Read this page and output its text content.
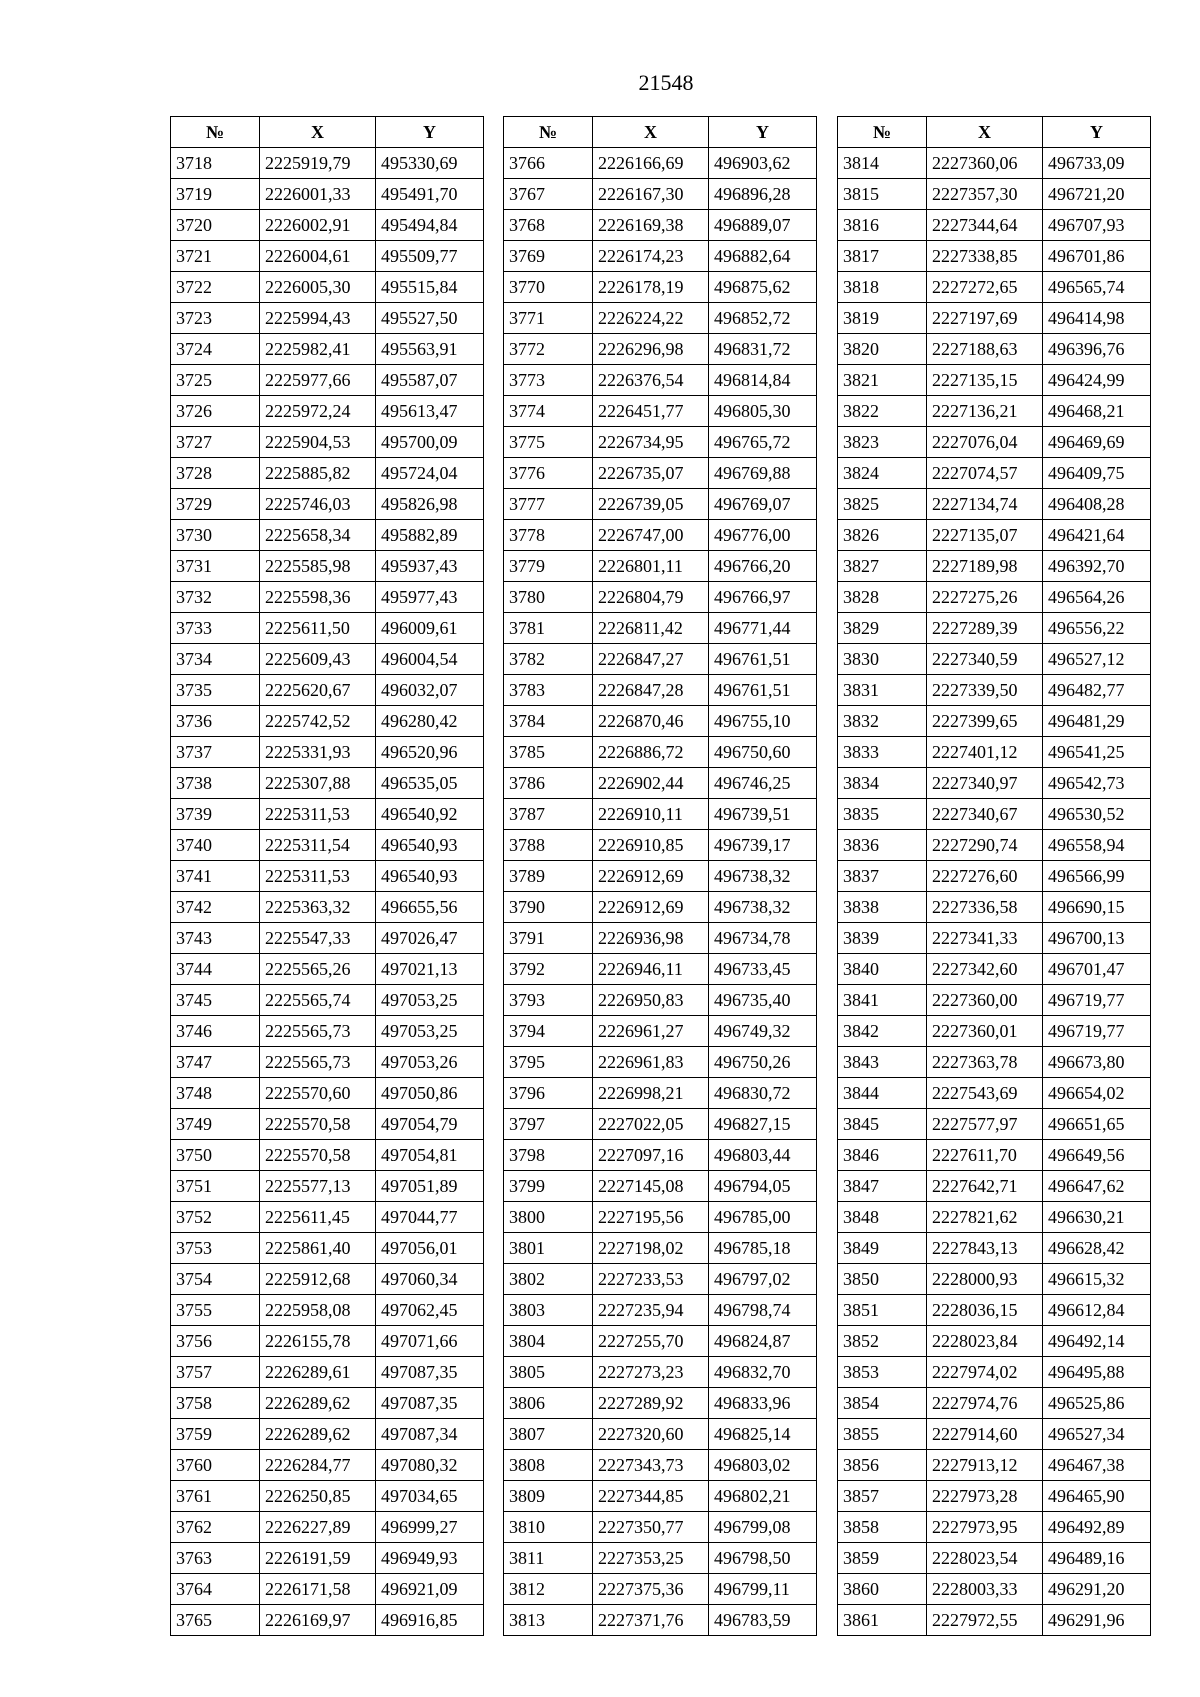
21548
№	X	Y
3718	2225919,79	495330,69
3719	2226001,33	495491,70
3720	2226002,91	495494,84
3721	2226004,61	495509,77
3722	2226005,30	495515,84
3723	2225994,43	495527,50
3724	2225982,41	495563,91
3725	2225977,66	495587,07
3726	2225972,24	495613,47
3727	2225904,53	495700,09
3728	2225885,82	495724,04
3729	2225746,03	495826,98
3730	2225658,34	495882,89
3731	2225585,98	495937,43
3732	2225598,36	495977,43
3733	2225611,50	496009,61
3734	2225609,43	496004,54
3735	2225620,67	496032,07
3736	2225742,52	496280,42
3737	2225331,93	496520,96
3738	2225307,88	496535,05
3739	2225311,53	496540,92
3740	2225311,54	496540,93
3741	2225311,53	496540,93
3742	2225363,32	496655,56
3743	2225547,33	497026,47
3744	2225565,26	497021,13
3745	2225565,74	497053,25
3746	2225565,73	497053,25
3747	2225565,73	497053,26
3748	2225570,60	497050,86
3749	2225570,58	497054,79
3750	2225570,58	497054,81
3751	2225577,13	497051,89
3752	2225611,45	497044,77
3753	2225861,40	497056,01
3754	2225912,68	497060,34
3755	2225958,08	497062,45
3756	2226155,78	497071,66
3757	2226289,61	497087,35
3758	2226289,62	497087,35
3759	2226289,62	497087,34
3760	2226284,77	497080,32
3761	2226250,85	497034,65
3762	2226227,89	496999,27
3763	2226191,59	496949,93
3764	2226171,58	496921,09
3765	2226169,97	496916,85
№	X	Y
3766	2226166,69	496903,62
3767	2226167,30	496896,28
3768	2226169,38	496889,07
3769	2226174,23	496882,64
3770	2226178,19	496875,62
3771	2226224,22	496852,72
3772	2226296,98	496831,72
3773	2226376,54	496814,84
3774	2226451,77	496805,30
3775	2226734,95	496765,72
3776	2226735,07	496769,88
3777	2226739,05	496769,07
3778	2226747,00	496776,00
3779	2226801,11	496766,20
3780	2226804,79	496766,97
3781	2226811,42	496771,44
3782	2226847,27	496761,51
3783	2226847,28	496761,51
3784	2226870,46	496755,10
3785	2226886,72	496750,60
3786	2226902,44	496746,25
3787	2226910,11	496739,51
3788	2226910,85	496739,17
3789	2226912,69	496738,32
3790	2226912,69	496738,32
3791	2226936,98	496734,78
3792	2226946,11	496733,45
3793	2226950,83	496735,40
3794	2226961,27	496749,32
3795	2226961,83	496750,26
3796	2226998,21	496830,72
3797	2227022,05	496827,15
3798	2227097,16	496803,44
3799	2227145,08	496794,05
3800	2227195,56	496785,00
3801	2227198,02	496785,18
3802	2227233,53	496797,02
3803	2227235,94	496798,74
3804	2227255,70	496824,87
3805	2227273,23	496832,70
3806	2227289,92	496833,96
3807	2227320,60	496825,14
3808	2227343,73	496803,02
3809	2227344,85	496802,21
3810	2227350,77	496799,08
3811	2227353,25	496798,50
3812	2227375,36	496799,11
3813	2227371,76	496783,59
№	X	Y
3814	2227360,06	496733,09
3815	2227357,30	496721,20
3816	2227344,64	496707,93
3817	2227338,85	496701,86
3818	2227272,65	496565,74
3819	2227197,69	496414,98
3820	2227188,63	496396,76
3821	2227135,15	496424,99
3822	2227136,21	496468,21
3823	2227076,04	496469,69
3824	2227074,57	496409,75
3825	2227134,74	496408,28
3826	2227135,07	496421,64
3827	2227189,98	496392,70
3828	2227275,26	496564,26
3829	2227289,39	496556,22
3830	2227340,59	496527,12
3831	2227339,50	496482,77
3832	2227399,65	496481,29
3833	2227401,12	496541,25
3834	2227340,97	496542,73
3835	2227340,67	496530,52
3836	2227290,74	496558,94
3837	2227276,60	496566,99
3838	2227336,58	496690,15
3839	2227341,33	496700,13
3840	2227342,60	496701,47
3841	2227360,00	496719,77
3842	2227360,01	496719,77
3843	2227363,78	496673,80
3844	2227543,69	496654,02
3845	2227577,97	496651,65
3846	2227611,70	496649,56
3847	2227642,71	496647,62
3848	2227821,62	496630,21
3849	2227843,13	496628,42
3850	2228000,93	496615,32
3851	2228036,15	496612,84
3852	2228023,84	496492,14
3853	2227974,02	496495,88
3854	2227974,76	496525,86
3855	2227914,60	496527,34
3856	2227913,12	496467,38
3857	2227973,28	496465,90
3858	2227973,95	496492,89
3859	2228023,54	496489,16
3860	2228003,33	496291,20
3861	2227972,55	496291,96
